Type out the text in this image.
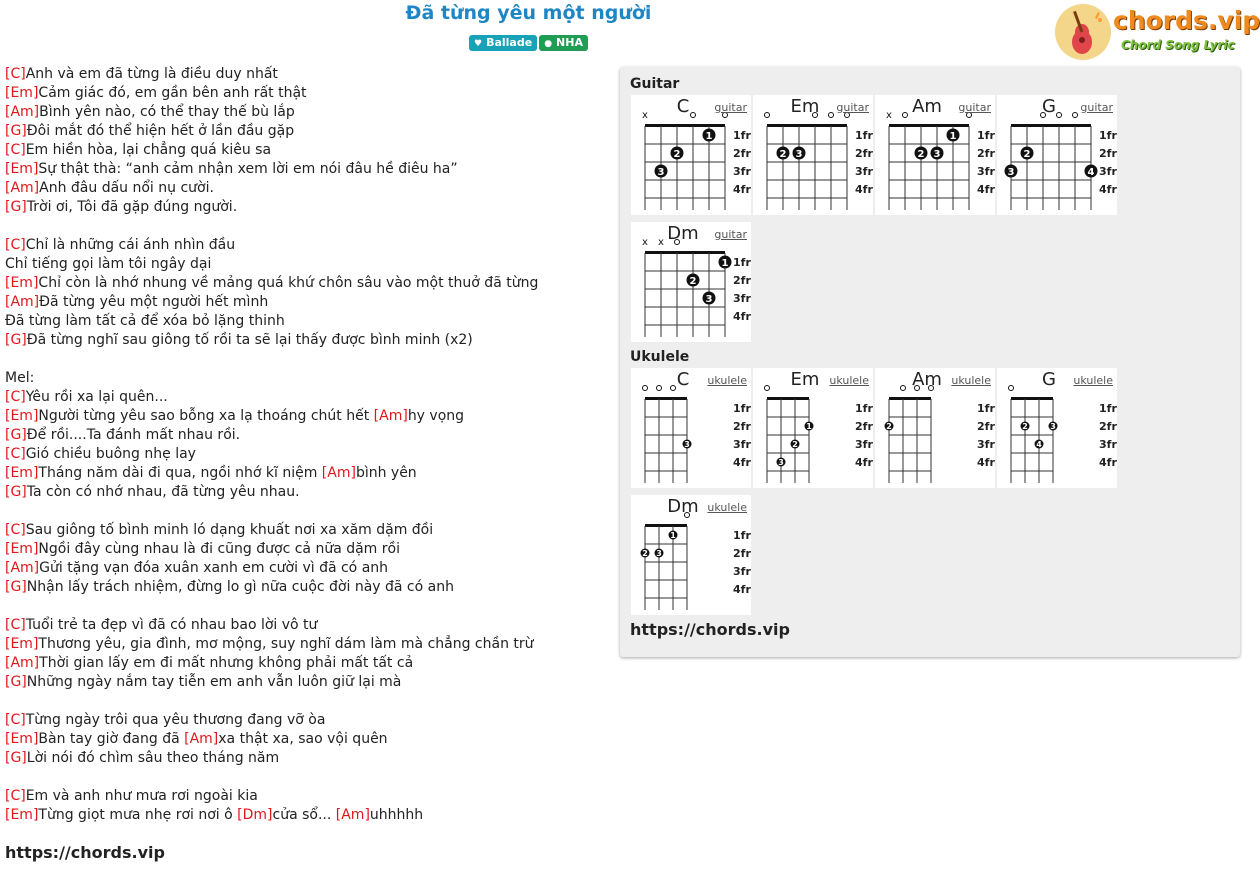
Đã từng yêu một người
♥ Ballade ● NHA
chords.vip
Chord Song Lyric
[C]Anh và em đã từng là điều duy nhất
[Em]Cảm giác đó, em gần bên anh rất thật
[Am]Bình yên nào, có thể thay thế bù lắp
[G]Đôi mắt đó thể hiện hết ở lần đầu gặp
[C]Em hiền hòa, lại chẳng quá kiêu sa
[Em]Sự thật thà: “anh cảm nhận xem lời em nói đâu hề điêu ha”
[Am]Anh đâu dấu nổi nụ cười.
[G]Trời ơi, Tôi đã gặp đúng người.
[C]Chỉ là những cái ánh nhìn đầu
Chỉ tiếng gọi làm tôi ngây dại
[Em]Chỉ còn là nhớ nhung về mảng quá khứ chôn sâu vào một thuở đã từng
[Am]Đã từng yêu một người hết mình
Đã từng làm tất cả để xóa bỏ lặng thinh
[G]Đã từng nghĩ sau giông tố rồi ta sẽ lại thấy được bình minh (x2)
Mel:
[C]Yêu rồi xa lại quên...
[Em]Người từng yêu sao bỗng xa lạ thoáng chút hết [Am]hy vọng
[G]Để rồi....Ta đánh mất nhau rồi.
[C]Gió chiều buông nhẹ lay
[Em]Tháng năm dài đi qua, ngồi nhớ kĩ niệm [Am]bình yên
[G]Ta còn có nhớ nhau, đã từng yêu nhau.
[C]Sau giông tố bình minh ló dạng khuất nơi xa xăm dặm đồi
[Em]Ngồi đây cùng nhau là đi cũng được cả nữa dặm rồi
[Am]Gửi tặng vạn đóa xuân xanh em cười vì đã có anh
[G]Nhận lấy trách nhiệm, đừng lo gì nữa cuộc đời này đã có anh
[C]Tuổi trẻ ta đẹp vì đã có nhau bao lời vô tư
[Em]Thương yêu, gia đình, mơ mộng, suy nghĩ dám làm mà chẳng chần trừ
[Am]Thời gian lấy em đi mất nhưng không phải mất tất cả
[G]Những ngày nắm tay tiễn em anh vẫn luôn giữ lại mà
[C]Từng ngày trôi qua yêu thương đang vỡ òa
[Em]Bàn tay giờ đang đã [Am]xa thật xa, sao vội quên
[G]Lời nói đó chìm sâu theo tháng năm
[C]Em và anh như mưa rơi ngoài kia
[Em]Từng giọt mưa nhẹ rơi nơi ô [Dm]cửa sổ... [Am]uhhhhh
https://chords.vip
Guitar
Ukulele
https://chords.vip
1fr
2fr
3fr
4fr
x
3
2
1
C	guitar
1fr
2fr
3fr
4fr
2 3
Em	guitar
1fr
2fr
3fr
4fr
x
2 3
1
Am	guitar
1fr
2fr
3fr
4fr
3
2
4
G	guitar
1fr
2fr
3fr
4fr
x x
2
3
1
Dm	guitar
1fr
2fr
3fr
4fr
3
C	ukulele
1fr
2fr
3fr
4fr
3
2
1
Em ukulele
1fr
2fr
3fr
4fr
2
Am ukulele
1fr
2fr
3fr
4fr
2
4
3
G	ukulele
1fr
2fr
3fr
4fr
2 3
1
Dm ukulele
